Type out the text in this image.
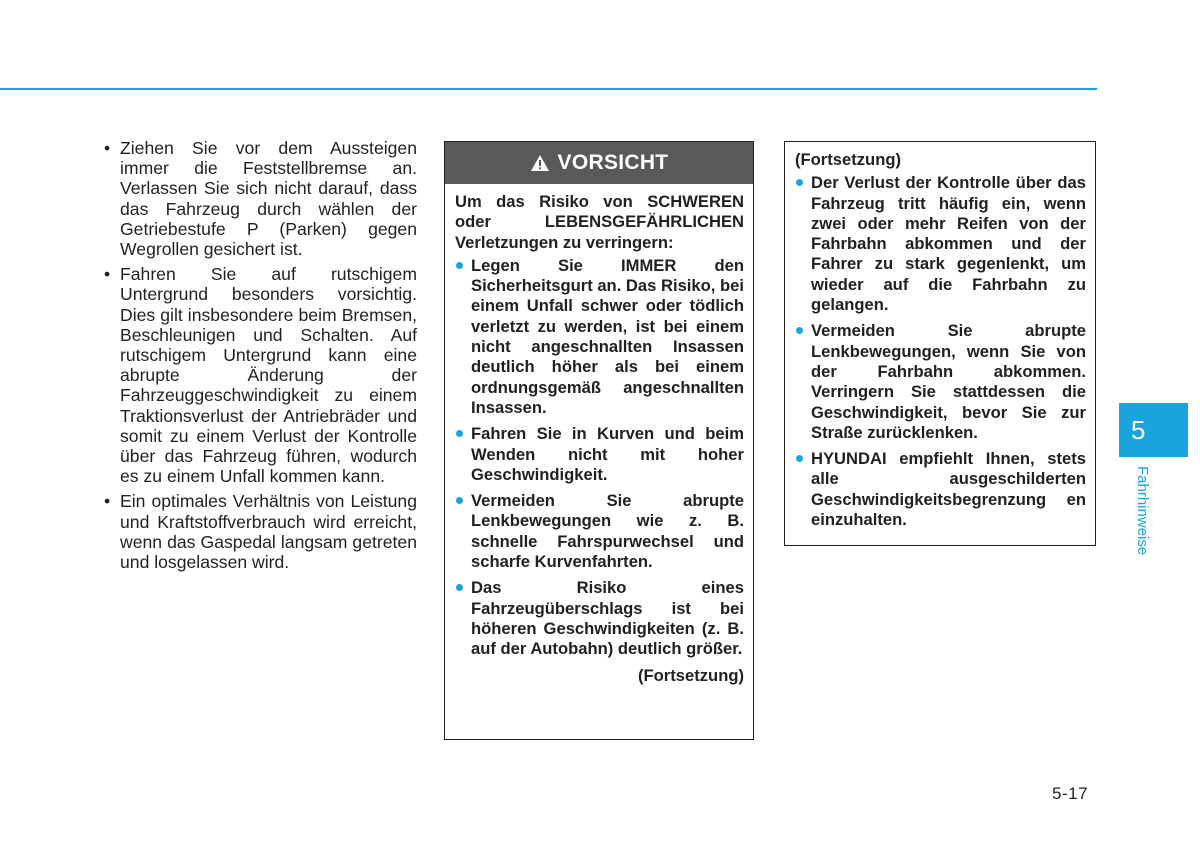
• Ziehen Sie vor dem Aussteigen immer die Feststellbremse an. Verlassen Sie sich nicht darauf, dass das Fahrzeug durch wählen der Getriebestufe P (Parken) gegen Wegrollen gesichert ist.
• Fahren Sie auf rutschigem Untergrund besonders vorsichtig. Dies gilt insbesondere beim Bremsen, Beschleunigen und Schalten. Auf rutschigem Untergrund kann eine abrupte Änderung der Fahrzeuggeschwindigkeit zu einem Traktionsverlust der Antriebräder und somit zu einem Verlust der Kontrolle über das Fahrzeug führen, wodurch es zu einem Unfall kommen kann.
• Ein optimales Verhältnis von Leistung und Kraftstoffverbrauch wird erreicht, wenn das Gaspedal langsam getreten und losgelassen wird.
VORSICHT

Um das Risiko von SCHWEREN oder LEBENSGEFÄHRLICHEN Verletzungen zu verringern:

Legen Sie IMMER den Sicherheitsgurt an. Das Risiko, bei einem Unfall schwer oder tödlich verletzt zu werden, ist bei einem nicht angeschnallten Insassen deutlich höher als bei einem ordnungsgemäß angeschnallten Insassen.
Fahren Sie in Kurven und beim Wenden nicht mit hoher Geschwindigkeit.
Vermeiden Sie abrupte Lenkbewegungen wie z. B. schnelle Fahrspurwechsel und scharfe Kurvenfahrten.
Das Risiko eines Fahrzeugüberschlags ist bei höheren Geschwindigkeiten (z. B. auf der Autobahn) deutlich größer.
(Fortsetzung)

(Fortsetzung)

Der Verlust der Kontrolle über das Fahrzeug tritt häufig ein, wenn zwei oder mehr Reifen von der Fahrbahn abkommen und der Fahrer zu stark gegenlenkt, um wieder auf die Fahrbahn zu gelangen.
Vermeiden Sie abrupte Lenkbewegungen, wenn Sie von der Fahrbahn abkommen. Verringern Sie stattdessen die Geschwindigkeit, bevor Sie zur Straße zurücklenken.
HYUNDAI empfiehlt Ihnen, stets alle ausgeschilderten Geschwindigkeitsbegrenzung en einzuhalten.
5
Fahrhinweise
5-17
